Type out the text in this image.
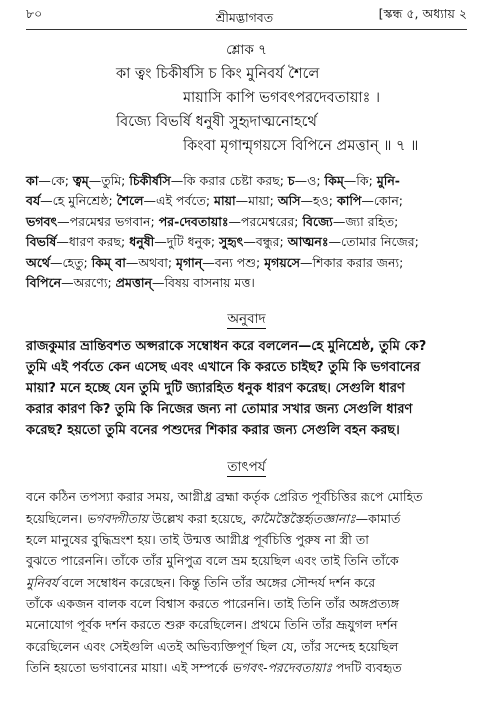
৮০	শ্রীমদ্ভাগবত	[স্কন্ধ ৫, অধ্যায় ২
শ্লোক ৭
কা ত্বং চিকীর্ষসি চ কিং মুনিবর্য শৈলে
মায়াসি কাপি ভগবৎপরদেবতায়াঃ ।
বিজ্যে বিভর্ষি ধনুষী সুহৃদাত্মনোহর্থে
কিংবা মৃগান্মৃগয়সে বিপিনে প্রমত্তান্ ॥ ৭ ॥
কা—কে; ত্বম্—তুমি; চিকীর্ষসি—কি করার চেষ্টা করছ; চ—ও; কিম্—কি; মুনি-
বর্য—হে মুনিশ্রেষ্ঠ; শৈলে—এই পর্বতে; মায়া—মায়া; অসি—হও; কাপি—কোন;
ভগবৎ—পরমেশ্বর ভগবান; পর-দেবতায়াঃ—পরমেশ্বরের; বিজ্যে—জ্যা রহিত;
বিভর্ষি—ধারণ করছ; ধনুষী—দুটি ধনুক; সুহৃৎ—বন্ধুর; আত্মনঃ—তোমার নিজের;
অর্থে—হেতু; কিম্ বা—অথবা; মৃগান্—বন্য পশু; মৃগয়সে—শিকার করার জন্য;
বিপিনে—অরণ্যে; প্রমত্তান্—বিষয় বাসনায় মত্ত।
অনুবাদ
রাজকুমার ভ্রান্তিবশত অপ্সরাকে সম্বোধন করে বললেন—হে মুনিশ্রেষ্ঠ, তুমি কে?
তুমি এই পর্বতে কেন এসেছ এবং এখানে কি করতে চাইছ? তুমি কি ভগবানের
মায়া? মনে হচ্ছে যেন তুমি দুটি জ্যারহিত ধনুক ধারণ করেছ। সেগুলি ধারণ
করার কারণ কি? তুমি কি নিজের জন্য না তোমার সখার জন্য সেগুলি ধারণ
করেছ? হয়তো তুমি বনের পশুদের শিকার করার জন্য সেগুলি বহন করছ।
তাৎপর্য
বনে কঠিন তপস্যা করার সময়, আগ্নীধ্র ব্রহ্মা কর্তৃক প্রেরিত পূর্বচিত্তির রূপে মোহিত
হয়েছিলেন। ভগবদ্গীতায় উল্লেখ করা হয়েছে, কামৈস্তৈস্তৈর্হৃতজ্ঞানাঃ—কামার্ত
হলে মানুষের বুদ্ধিভ্রংশ হয়। তাই উন্মত্ত আগ্নীধ্র পূর্বচিত্তি পুরুষ না স্ত্রী তা
বুঝতে পারেননি। তাঁকে তাঁর মুনিপুত্র বলে ভ্রম হয়েছিল এবং তাই তিনি তাঁকে
মুনিবর্য বলে সম্বোধন করেছেন। কিন্তু তিনি তাঁর অঙ্গের সৌন্দর্য দর্শন করে
তাঁকে একজন বালক বলে বিশ্বাস করতে পারেননি। তাই তিনি তাঁর অঙ্গপ্রত্যঙ্গ
মনোযোগ পূর্বক দর্শন করতে শুরু করেছিলেন। প্রথমে তিনি তাঁর ভ্রূযুগল দর্শন
করেছিলেন এবং সেইগুলি এতই অভিব্যক্তিপূর্ণ ছিল যে, তাঁর সন্দেহ হয়েছিল
তিনি হয়তো ভগবানের মায়া। এই সম্পর্কে ভগবৎ-পরদেবতায়াঃ পদটি ব্যবহৃত
